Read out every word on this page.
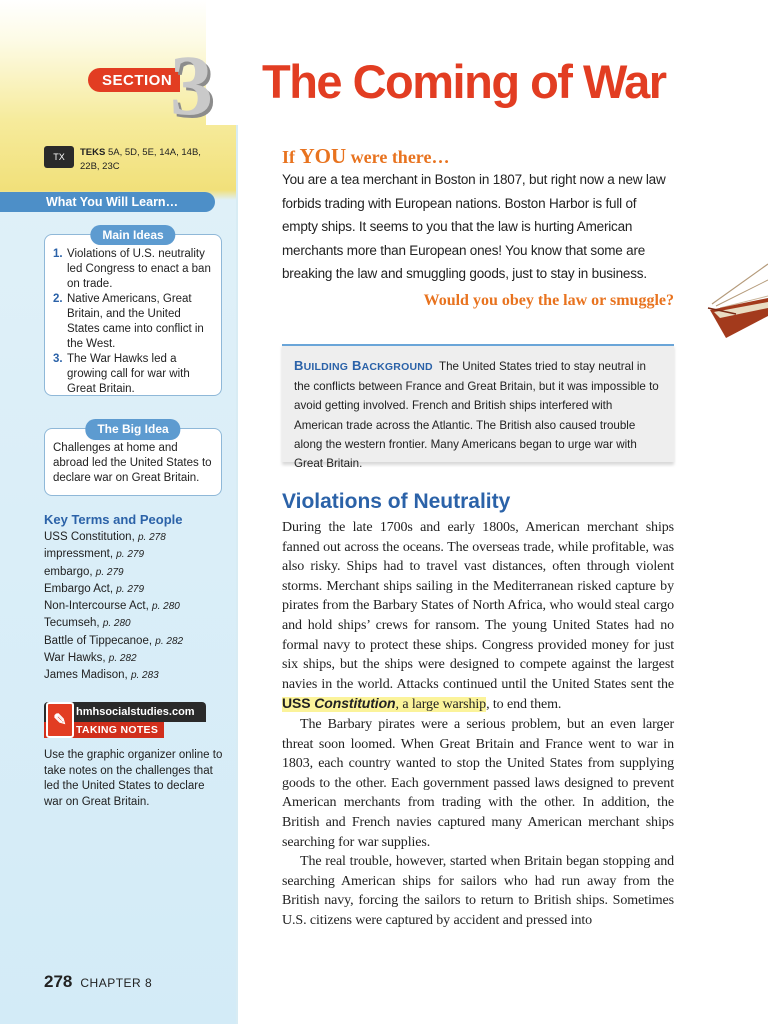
SECTION
3
TX	TEKS 5A, 5D, 5E, 14A, 14B, 22B, 23C
What You Will Learn…
Main Ideas
1. Violations of U.S. neutrality led Congress to enact a ban on trade.
2. Native Americans, Great Britain, and the United States came into conflict in the West.
3. The War Hawks led a growing call for war with Great Britain.
The Big Idea
Challenges at home and abroad led the United States to declare war on Great Britain.
Key Terms and People
USS Constitution, p. 278
impressment, p. 279
embargo, p. 279
Embargo Act, p. 279
Non-Intercourse Act, p. 280
Tecumseh, p. 280
Battle of Tippecanoe, p. 282
War Hawks, p. 282
James Madison, p. 283
✎ hmhsocialstudies.com
TAKING NOTES
Use the graphic organizer online to take notes on the challenges that led the United States to declare war on Great Britain.
278 CHAPTER 8
The Coming of War
If YOU were there…

You are a tea merchant in Boston in 1807, but right now a new law forbids trading with European nations. Boston Harbor is full of empty ships. It seems to you that the law is hurting American merchants more than European ones! You know that some are breaking the law and smuggling goods, just to stay in business.

Would you obey the law or smuggle?
BUILDING BACKGROUND The United States tried to stay neutral in the conflicts between France and Great Britain, but it was impossible to avoid getting involved. French and British ships interfered with American trade across the Atlantic. The British also caused trouble along the western frontier. Many Americans began to urge war with Great Britain.
Violations of Neutrality

During the late 1700s and early 1800s, American merchant ships fanned out across the oceans. The overseas trade, while profitable, was also risky. Ships had to travel vast distances, often through violent storms. Merchant ships sailing in the Mediterranean risked capture by pirates from the Barbary States of North Africa, who would steal cargo and hold ships’ crews for ransom. The young United States had no formal navy to protect these ships. Congress provided money for just six ships, but the ships were designed to compete against the largest navies in the world. Attacks continued until the United States sent the USS Constitution, a large warship, to end them.

The Barbary pirates were a serious problem, but an even larger threat soon loomed. When Great Britain and France went to war in 1803, each country wanted to stop the United States from supplying goods to the other. Each government passed laws designed to prevent American merchants from trading with the other. In addition, the British and French navies captured many American merchant ships searching for war supplies.

The real trouble, however, started when Britain began stopping and searching American ships for sailors who had run away from the British navy, forcing the sailors to return to British ships. Sometimes U.S. citizens were captured by accident and pressed into
